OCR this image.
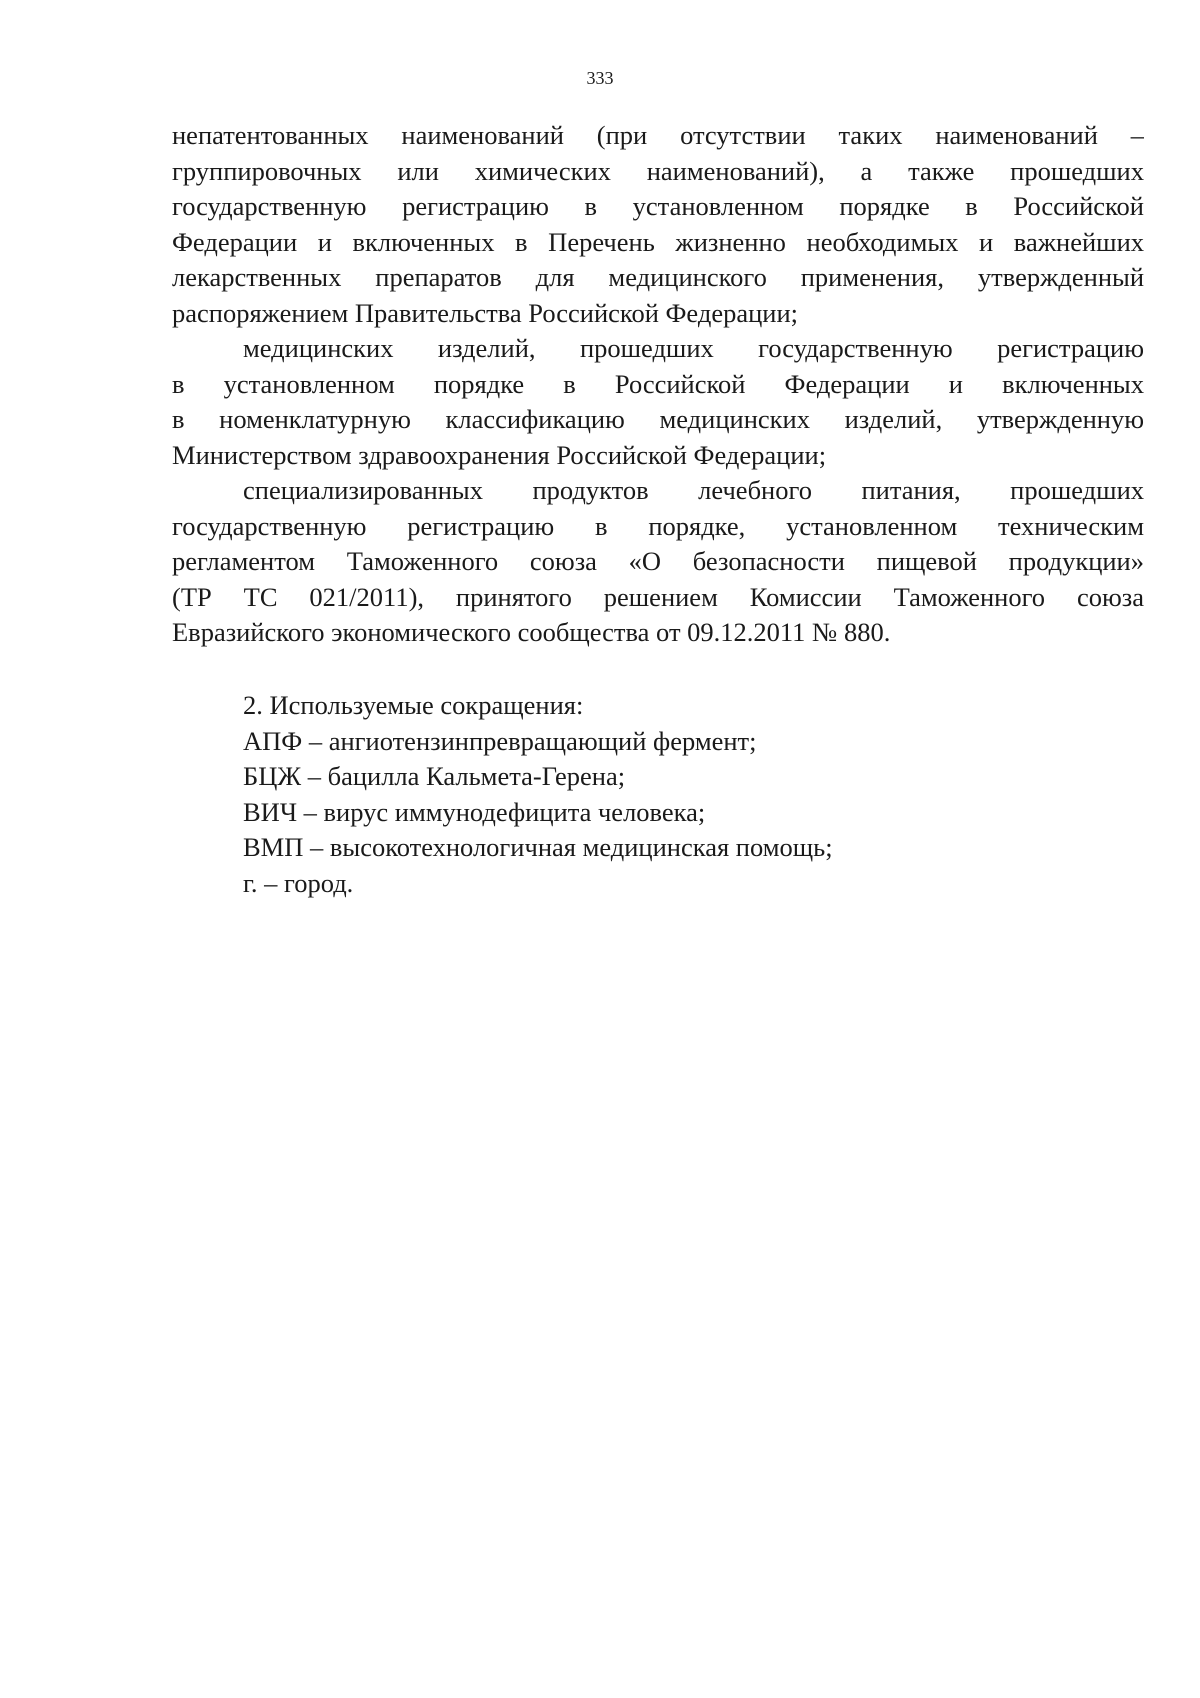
333
непатентованных наименований (при отсутствии таких наименований –
группировочных или химических наименований), а также прошедших
государственную регистрацию в установленном порядке в Российской
Федерации и включенных в Перечень жизненно необходимых и важнейших
лекарственных препаратов для медицинского применения, утвержденный
распоряжением Правительства Российской Федерации;
медицинских изделий, прошедших государственную регистрацию
в установленном порядке в Российской Федерации и включенных
в номенклатурную классификацию медицинских изделий, утвержденную
Министерством здравоохранения Российской Федерации;
специализированных продуктов лечебного питания, прошедших
государственную регистрацию в порядке, установленном техническим
регламентом Таможенного союза «О безопасности пищевой продукции»
(ТР ТС 021/2011), принятого решением Комиссии Таможенного союза
Евразийского экономического сообщества от 09.12.2011 № 880.
2. Используемые сокращения:
АПФ – ангиотензинпревращающий фермент;
БЦЖ – бацилла Кальмета-Герена;
ВИЧ – вирус иммунодефицита человека;
ВМП – высокотехнологичная медицинская помощь;
г. – город.
